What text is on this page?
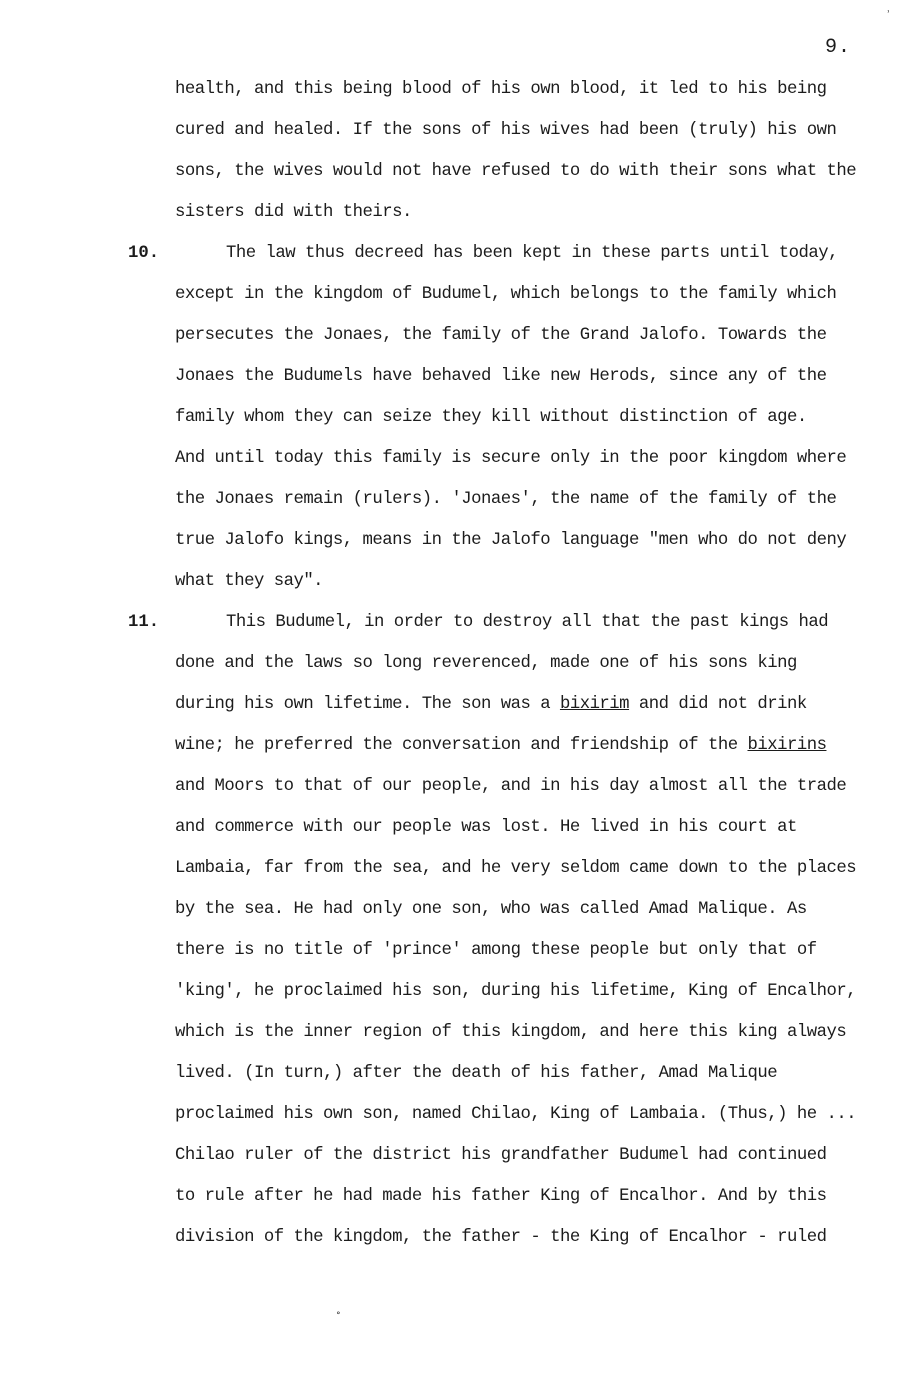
9.
health, and this being blood of his own blood, it led to his being
cured and healed. If the sons of his wives had been (truly) his own
sons, the wives would not have refused to do with their sons what the
sisters did with theirs.
10.	The law thus decreed has been kept in these parts until today,
except in the kingdom of Budumel, which belongs to the family which
persecutes the Jonaes, the family of the Grand Jalofo. Towards the
Jonaes the Budumels have behaved like new Herods, since any of the
family whom they can seize they kill without distinction of age.
And until today this family is secure only in the poor kingdom where
the Jonaes remain (rulers). 'Jonaes', the name of the family of the
true Jalofo kings, means in the Jalofo language "men who do not deny
what they say".
11.	This Budumel, in order to destroy all that the past kings had
done and the laws so long reverenced, made one of his sons king
during his own lifetime. The son was a bixirim and did not drink
wine; he preferred the conversation and friendship of the bixirins
and Moors to that of our people, and in his day almost all the trade
and commerce with our people was lost. He lived in his court at
Lambaia, far from the sea, and he very seldom came down to the places
by the sea. He had only one son, who was called Amad Malique. As
there is no title of 'prince' among these people but only that of
'king', he proclaimed his son, during his lifetime, King of Encalhor,
which is the inner region of this kingdom, and here this king always
lived. (In turn,) after the death of his father, Amad Malique
proclaimed his own son, named Chilao, King of Lambaia. (Thus,) he ...
Chilao ruler of the district his grandfather Budumel had continued
to rule after he had made his father King of Encalhor. And by this
division of the kingdom, the father - the King of Encalhor - ruled
˒
˳
